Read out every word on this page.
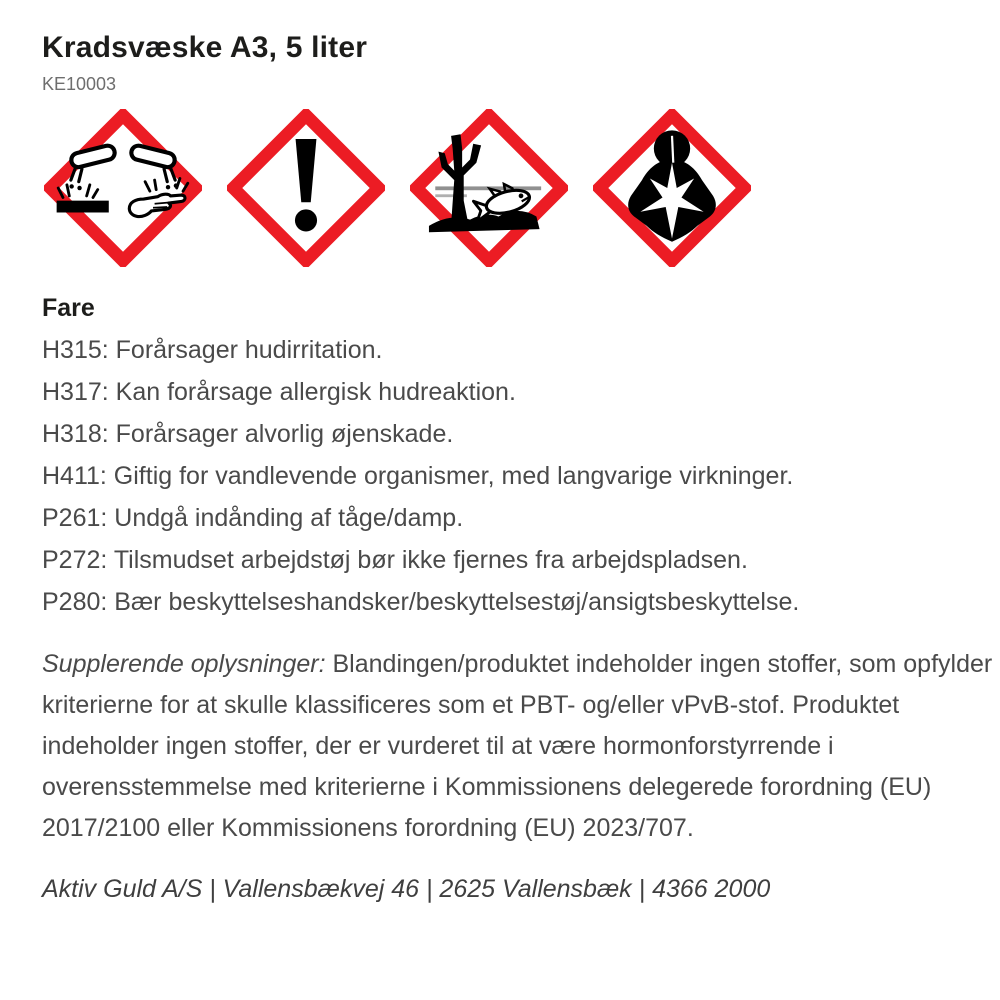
Kradsvæske A3, 5 liter
KE10003
Fare
H315: Forårsager hudirritation.
H317: Kan forårsage allergisk hudreaktion.
H318: Forårsager alvorlig øjenskade.
H411: Giftig for vandlevende organismer, med langvarige virkninger.
P261: Undgå indånding af tåge/damp.
P272: Tilsmudset arbejdstøj bør ikke fjernes fra arbejdspladsen.
P280: Bær beskyttelseshandsker/beskyttelsestøj/ansigtsbeskyttelse.

Supplerende oplysninger: Blandingen/produktet indeholder ingen stoffer, som opfylder kriterierne for at skulle klassificeres som et PBT- og/eller vPvB-stof. Produktet indeholder ingen stoffer, der er vurderet til at være hormonforstyrrende i overensstemmelse med kriterierne i Kommissionens delegerede forordning (EU) 2017/2100 eller Kommissionens forordning (EU) 2023/707.

Aktiv Guld A/S | Vallensbækvej 46 | 2625 Vallensbæk | 4366 2000
